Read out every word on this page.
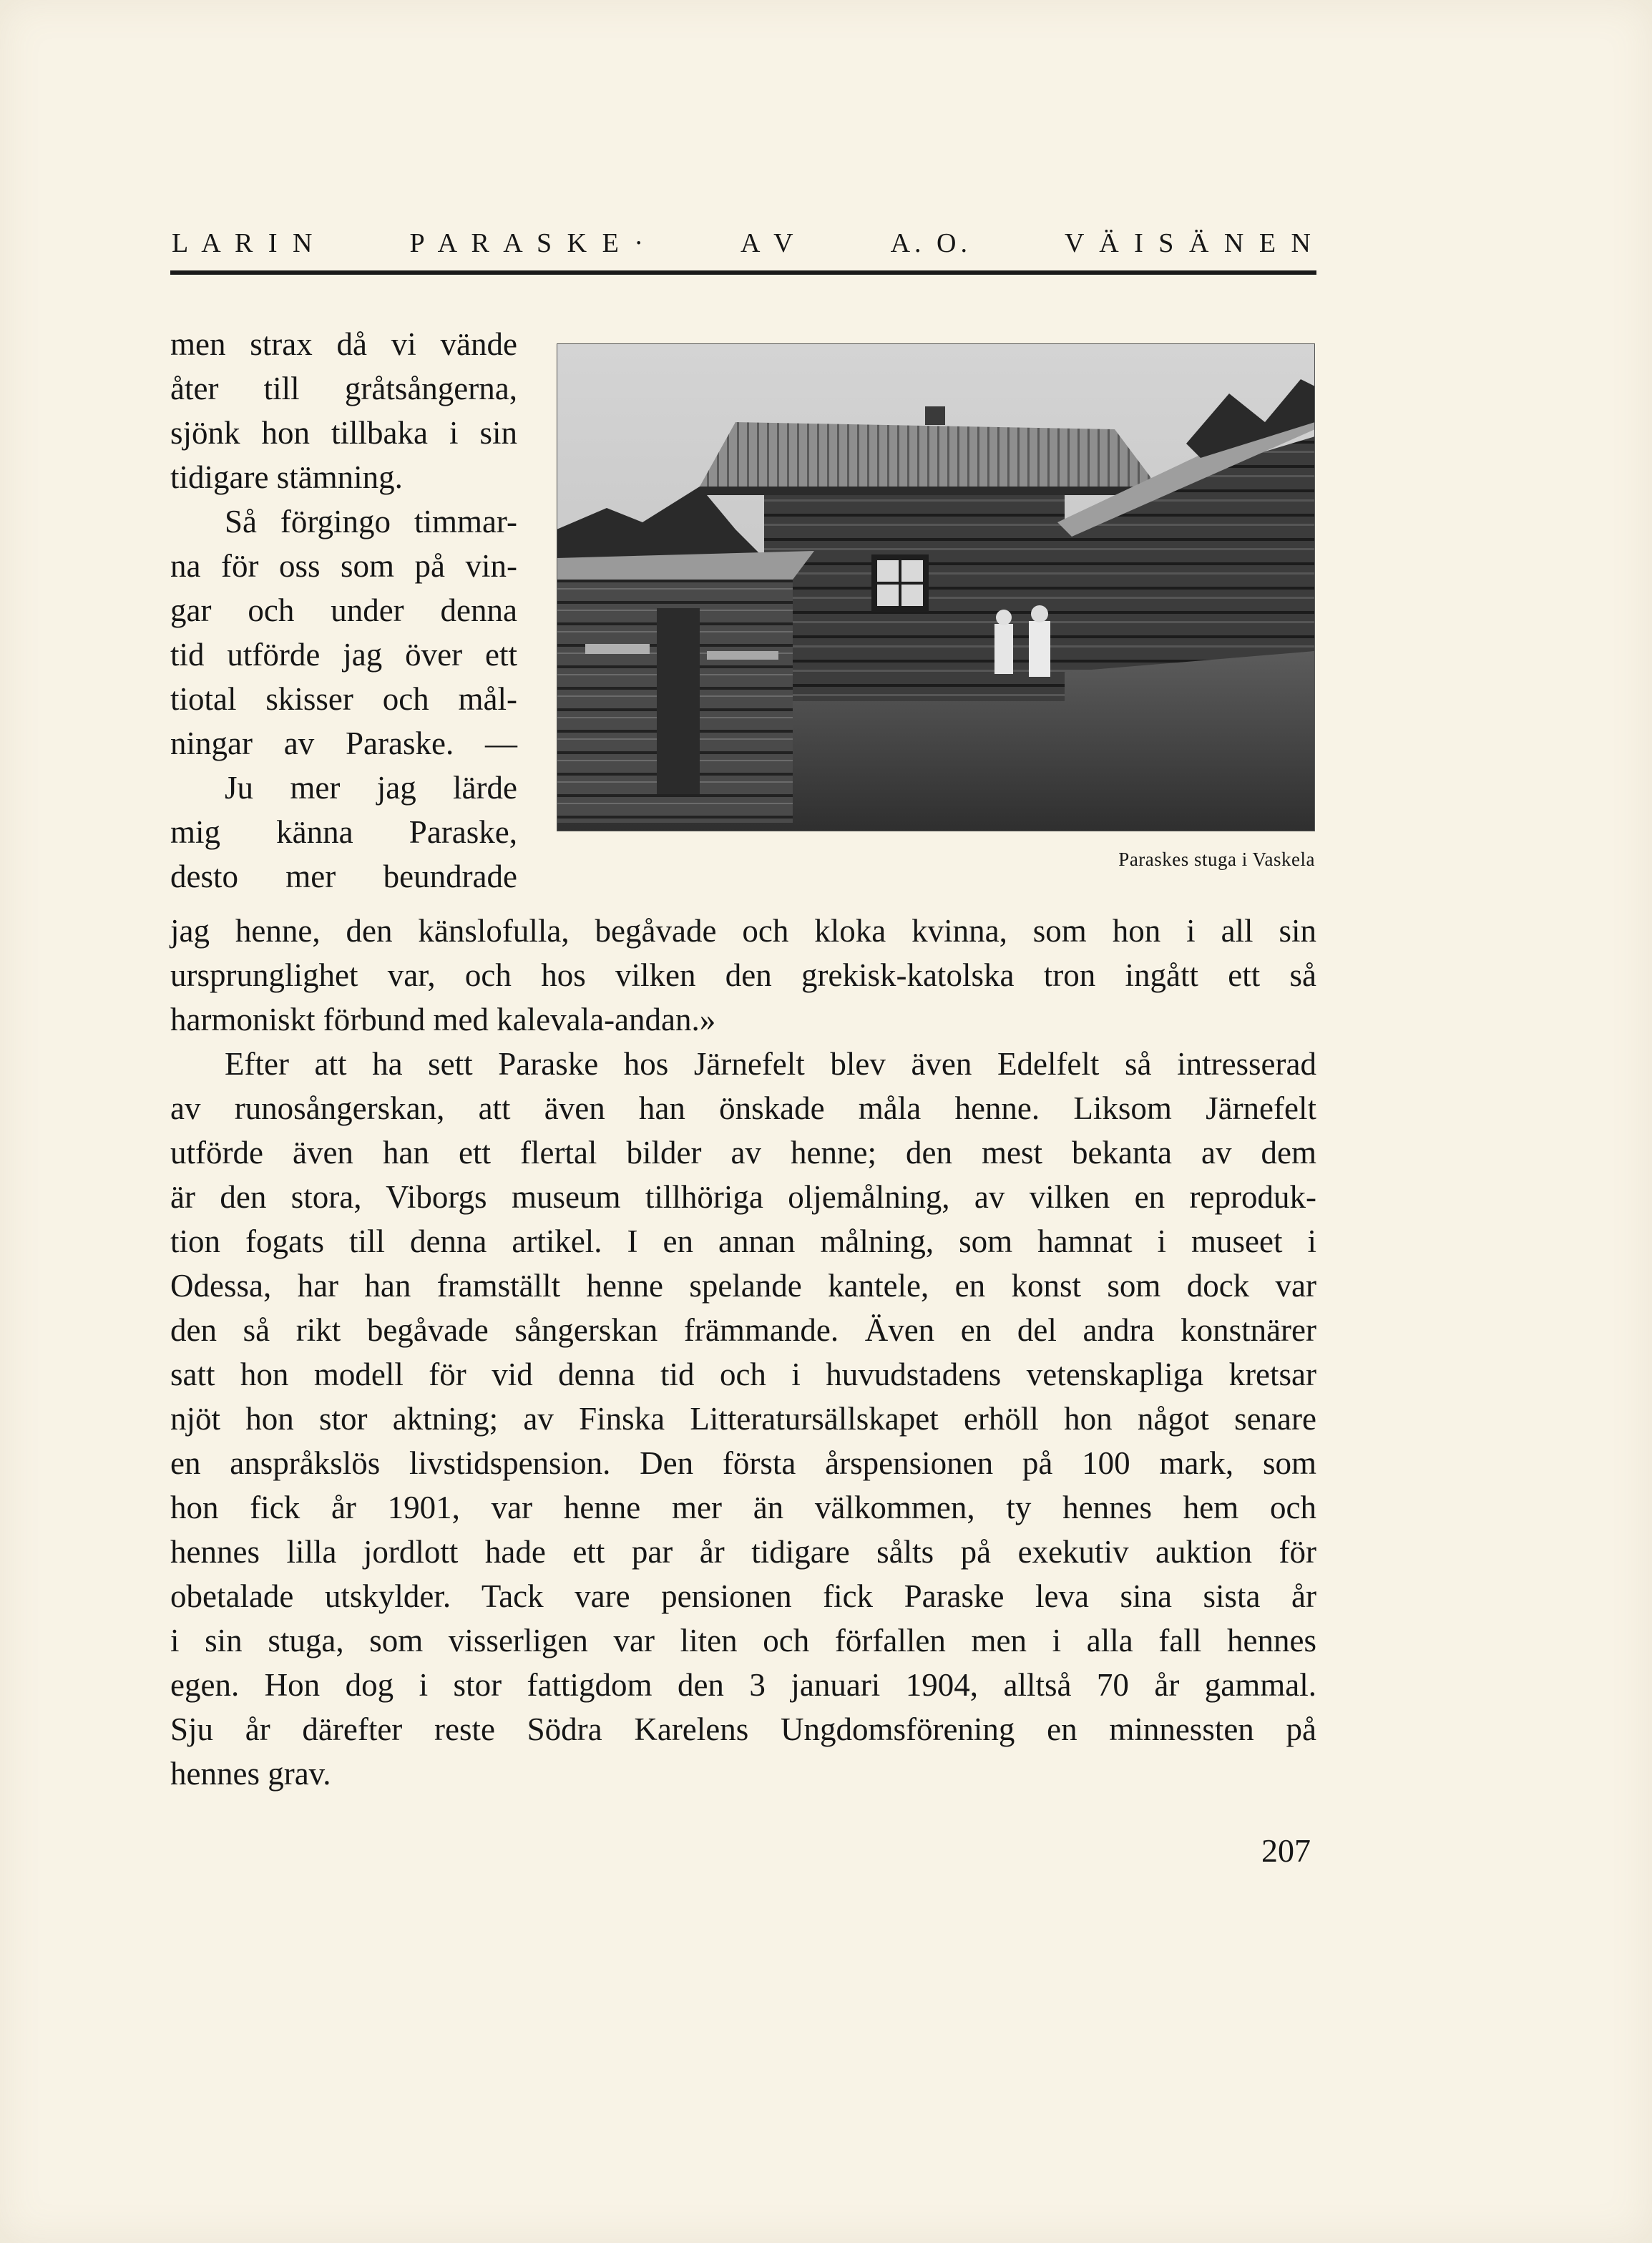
L A R I N	P A R A S K E ·	A V	A. O.	V Ä I S Ä N E N
men strax då vi vände
åter till gråtsångerna,
sjönk hon tillbaka i sin
tidigare stämning.
Så förgingo timmar-
na för oss som på vin-
gar och under denna
tid utförde jag över ett
tiotal skisser och mål-
ningar av Paraske. —
Ju mer jag lärde
mig känna Paraske,
desto mer beundrade	Paraskes stuga i Vaskela
jag henne, den känslofulla, begåvade och kloka kvinna, som hon i all sin
ursprunglighet var, och hos vilken den grekisk-katolska tron ingått ett så
harmoniskt förbund med kalevala-andan.»
Efter att ha sett Paraske hos Järnefelt blev även Edelfelt så intresserad
av runosångerskan, att även han önskade måla henne. Liksom Järnefelt
utförde även han ett flertal bilder av henne; den mest bekanta av dem
är den stora, Viborgs museum tillhöriga oljemålning, av vilken en reproduk-
tion fogats till denna artikel. I en annan målning, som hamnat i museet i
Odessa, har han framställt henne spelande kantele, en konst som dock var
den så rikt begåvade sångerskan främmande. Även en del andra konstnärer
satt hon modell för vid denna tid och i huvudstadens vetenskapliga kretsar
njöt hon stor aktning; av Finska Litteratursällskapet erhöll hon något senare
en anspråkslös livstidspension. Den första årspensionen på 100 mark, som
hon fick år 1901, var henne mer än välkommen, ty hennes hem och
hennes lilla jordlott hade ett par år tidigare sålts på exekutiv auktion för
obetalade utskylder. Tack vare pensionen fick Paraske leva sina sista år
i sin stuga, som visserligen var liten och förfallen men i alla fall hennes
egen. Hon dog i stor fattigdom den 3 januari 1904, alltså 70 år gammal.
Sju år därefter reste Södra Karelens Ungdomsförening en minnessten på
hennes grav.
207
